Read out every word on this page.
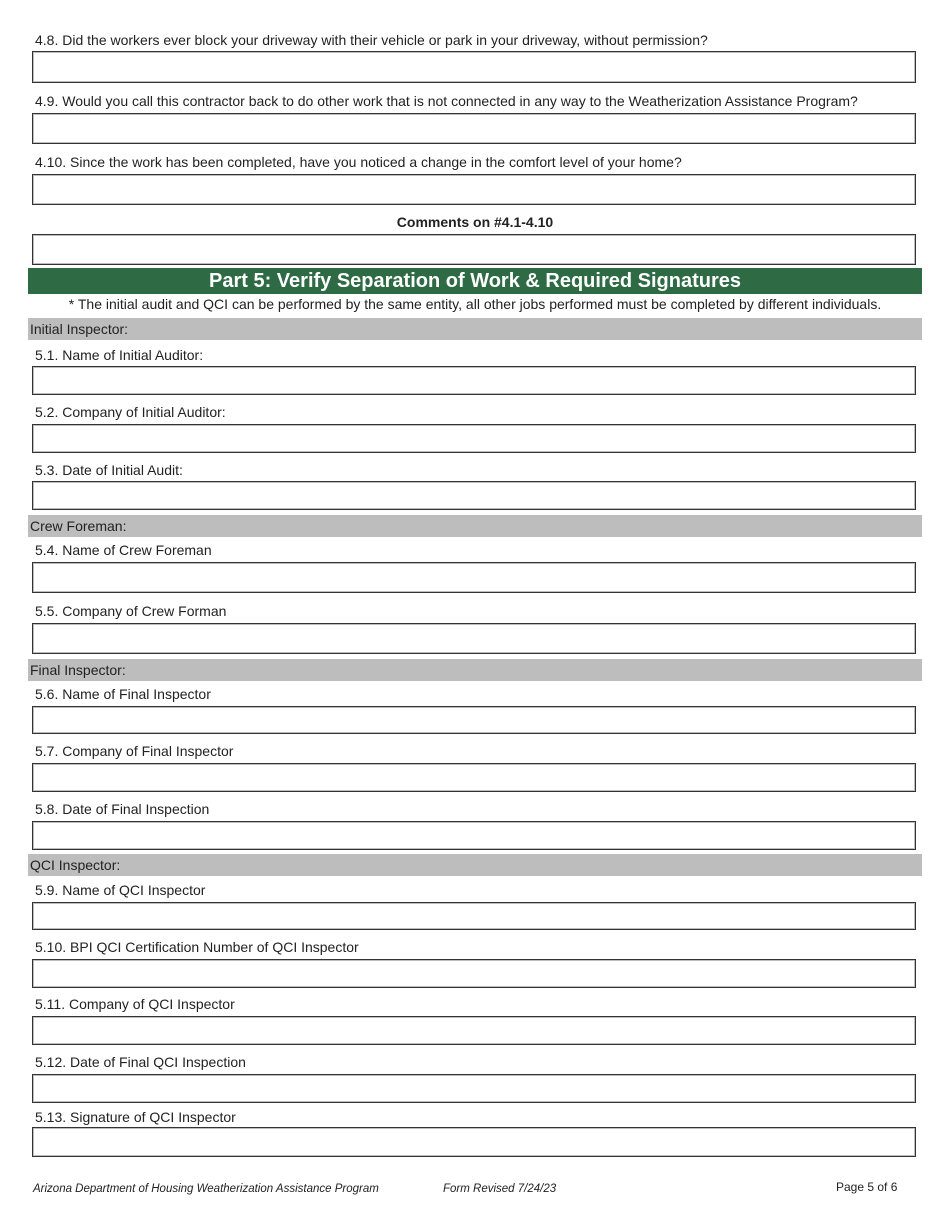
4.8. Did the workers ever block your driveway with their vehicle or park in your driveway, without permission?
4.9. Would you call this contractor back to do other work that is not connected in any way to the Weatherization Assistance Program?
4.10. Since the work has been completed, have you noticed a change in the comfort level of your home?
Comments on #4.1-4.10
Part 5: Verify Separation of Work & Required Signatures
* The initial audit and QCI can be performed by the same entity, all other jobs performed must be completed by different individuals.
Initial Inspector:
5.1. Name of Initial Auditor:
5.2. Company of Initial Auditor:
5.3. Date of Initial Audit:
Crew Foreman:
5.4. Name of Crew Foreman
5.5. Company of Crew Forman
Final Inspector:
5.6. Name of Final Inspector
5.7. Company of Final Inspector
5.8. Date of Final Inspection
QCI Inspector:
5.9. Name of QCI Inspector
5.10. BPI QCI Certification Number of QCI Inspector
5.11. Company of QCI Inspector
5.12. Date of Final QCI Inspection
5.13. Signature of QCI Inspector
Arizona Department of Housing Weatherization Assistance Program	Form Revised 7/24/23	Page 5 of 6
